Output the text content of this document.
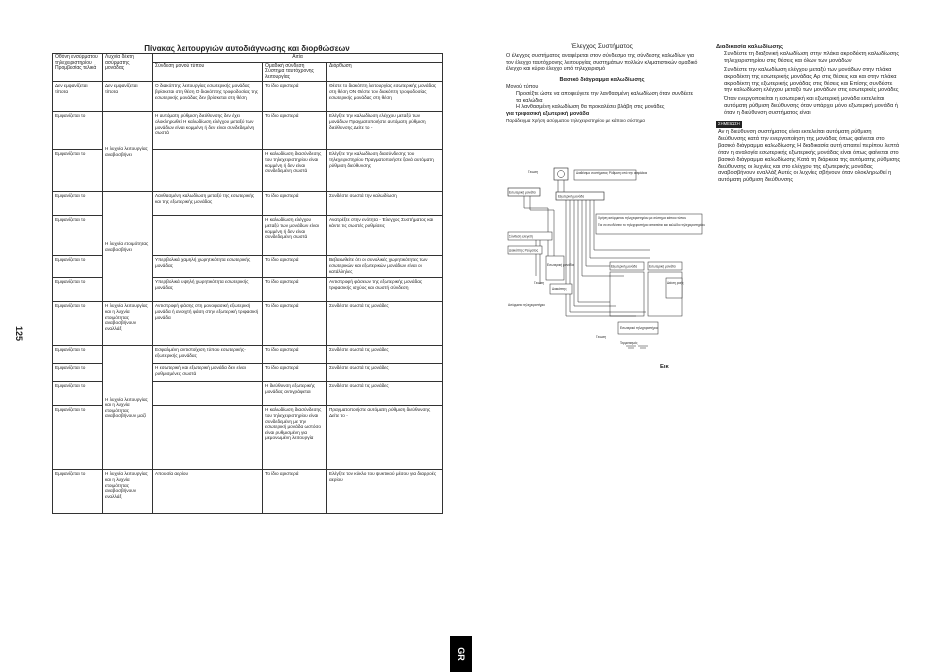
Πίνακας λειτουργιών αυτοδιάγνωσης και διορθώσεων
125
Οθόνη ενσύρματου τηλεχειριστηρίου Προμβεσίας τελικά	Λυχνία δέκτη ασύρματης μονάδας	Αιτία		
		Σύνδεση μονού τύπου	Ομαδική σύνδεση Σύστημα ταυτόχρονης λειτουργίας	Διόρθωση
Δεν εμφανίζεται τίποτα	Δεν εμφανίζεται τίποτα	Ο διακόπτης λειτουργίας εσωτερικής μονάδας βρίσκεται στη θέση Ο διακόπτης τροφοδοσίας της εσωτερικής μονάδας δεν βρίσκεται στη θέση	Το ίδιο αριστερά	Θέστε το διακόπτη λειτουργίας εσωτερικής μονάδας στη θέση ON Θέστε τον διακόπτη τροφοδοσίας εσωτερικής μονάδας στη θέση
Εμφανίζεται το	Η λυχνία λειτουργίας αναβοσβήνει	Η αυτόματη ρύθμιση διεύθυνσης δεν έχει ολοκληρωθεί Η καλωδίωση ελέγχου μεταξύ των μονάδων είναι κομμένη ή δεν είναι συνδεδεμένη σωστά	Το ίδιο αριστερά	Ελέγξτε την καλωδίωση ελέγχου μεταξύ των μονάδων Πραγματοποιήστε αυτόματη ρύθμιση διεύθυνσης Δείτε το -
Εμφανίζεται το			Η καλωδίωση διασύνδεσης του τηλεχειριστηρίου είναι κομμένη ή δεν είναι συνδεδεμένη σωστά	Ελέγξτε την καλωδίωση διασύνδεσης του τηλεχειριστηρίου Πραγματοποιήστε ξανά αυτόματη ρύθμιση διεύθυνσης
Εμφανίζεται το	Η λυχνία ετοιμότητας αναβοσβήνει	Λανθασμένη καλωδίωση μεταξύ της εσωτερικής και της εξωτερικής μονάδας	Το ίδιο αριστερά	Συνδέστε σωστά την καλωδίωση
Εμφανίζεται το			Η καλωδίωση ελέγχου μεταξύ των μονάδων είναι κομμένη ή δεν είναι συνδεδεμένη σωστά	Ανατρέξτε στην ενότητα - Έλεγχος Συστήματος και κάντε τις σωστές ρυθμίσεις
Εμφανίζεται το		Υπερβολικά χαμηλή χωρητικότητα εσωτερικής μονάδας	Το ίδιο αριστερά	Βεβαιωθείτε ότι οι συνολικές χωρητικότητες των εσωτερικών και εξωτερικών μονάδων είναι οι κατάλληλες
Εμφανίζεται το		Υπερβολικά υψηλή χωρητικότητα εσωτερικής μονάδας	Το ίδιο αριστερά	Αντιστροφή φάσεων της εξωτερικής μονάδας τριφασικής ισχύος και σωστή σύνδεση
Εμφανίζεται το	Η λυχνία λειτουργίας και η λυχνία ετοιμότητας αναβοσβήνουν εναλλάξ	Αντιστροφή φάσης στη μονοφασική εξωτερική μονάδα ή ανοιχτή φάση στην εξωτερική τριφασική μονάδα	Το ίδιο αριστερά	Συνδέστε σωστά τις μονάδες
Εμφανίζεται το	Η λυχνία λειτουργίας και η λυχνία ετοιμότητας αναβοσβήνουν μαζί	Εσφαλμένη αντιστοίχιση τύπου εσωτερικής-εξωτερικής μονάδας	Το ίδιο αριστερά	Συνδέστε σωστά τις μονάδες
Εμφανίζεται το		Η εσωτερική και εξωτερική μονάδα δεν είναι ρυθμισμένες σωστά	Το ίδιο αριστερά	Συνδέστε σωστά τις μονάδες
Εμφανίζεται το			Η διεύθυνση εξωτερικής μονάδας αντιγράφεται	Συνδέστε σωστά τις μονάδες
Εμφανίζεται το			Η καλωδίωση διασύνδεσης του τηλεχειριστηρίου είναι συνδεδεμένη με την εσωτερική μονάδα ωστόσο είναι ρυθμισμένη για μεμονωμένη λειτουργία	Πραγματοποιήστε αυτόματη ρύθμιση διεύθυνσης Δείτε το -
Εμφανίζεται το	Η λυχνία λειτουργίας και η λυχνία ετοιμότητας αναβοσβήνουν εναλλάξ	Απουσία αερίου	Το ίδιο αριστερά	Ελέγξτε τον κύκλο του ψυκτικού μέσου για διαρροές αερίου
Έλεγχος Συστήματος

Ο έλεγχος συστήματος αναφέρεται στον σύνδεσμο της σύνδεσης καλωδίων για τον έλεγχο ταυτόχρονης λειτουργίας συστημάτων πολλών κλιματιστικών ομαδικό έλεγχο και κύριο έλεγχο υπό τηλεχειρισμό

Βασικό διάγραμμα καλωδίωσης

Μονού τύπου

Προσέξτε ώστε να αποφεύγετε την λανθασμένη καλωδίωση όταν συνδέετε τα καλώδια

Η λανθασμένη καλωδίωση θα προκαλέσει βλάβη στις μονάδες

για τριφασική εξωτερική μονάδα

Παράδειγμα Χρήση ασύρματου τηλεχειριστηρίου με κάποιο σύστημα

Γειωση	Διαθέσιμο συστήματος Ρύθμιση από την ασφάλεια
Εσωτερική μονάδα
Εξωτερική μονάδα
Σύνδεση ελεγκτή
Διακόπτης Ρεύματος
Εσωτερική μονάδα
Γειωση
Ασύρματο τηλεχειριστήριο
Διακόπτης
Χρήση ασύρματου τηλεχειριστηρίου με σύστημα κάποιο τύπου
Για να συνδέσετε το τηλεχειριστήριο απαιτείται και καλώδιο τηλεχειριστηρίου
Εξωτερική μονάδα	Εσωτερική μονάδα
Δείκτη ροής
Εσωτερικό τηλεχειριστήριο
Τερματισμός
Γειωση
Εικ
Διαδικασία καλωδίωσης

Συνδέστε τη διαξονική καλωδίωση στην πλάκα ακροδέκτη καλωδίωσης τηλεχειριστηρίου στις θέσεις και όλων των μονάδων

Συνδέστε την καλωδίωση ελέγχου μεταξύ των μονάδων στην πλάκα ακροδέκτη της εσωτερικής μονάδας Αρ στις θέσεις και και στην πλάκα ακροδέκτη της εξωτερικής μονάδας στις θέσεις και Επίσης συνδέστε την καλωδίωση ελέγχου μεταξύ των μονάδων στις εσωτερικές μονάδες

Όταν ενεργοποιείται η εσωτερική και εξωτερική μονάδα εκτελείται αυτόματη ρύθμιση διεύθυνσης όταν υπάρχει μόνο εξωτερική μονάδα ή όταν η διεύθυνση συστήματος είναι

ΣΗΜΕΙΩΣΗ

Αν η διεύθυνση συστήματος είναι εκτελείται αυτόματη ρύθμιση διεύθυνσης κατά την ενεργοποίηση της μονάδας όπως φαίνεται στο βασικό διάγραμμα καλωδίωσης Η διαδικασία αυτή απαιτεί περίπου λεπτά όταν η αναλογία εσωτερικής εξωτερικής μονάδας είναι όπως φαίνεται στο βασικό διάγραμμα καλωδίωσης Κατά τη διάρκεια της αυτόματης ρύθμισης διεύθυνσης οι λυχνίες και στο ελέγχου της εξωτερικής μονάδας αναβοσβήνουν εναλλάξ Αυτές οι λυχνίες σβήνουν όταν ολοκληρωθεί η αυτόματη ρύθμιση διεύθυνσης

GR
